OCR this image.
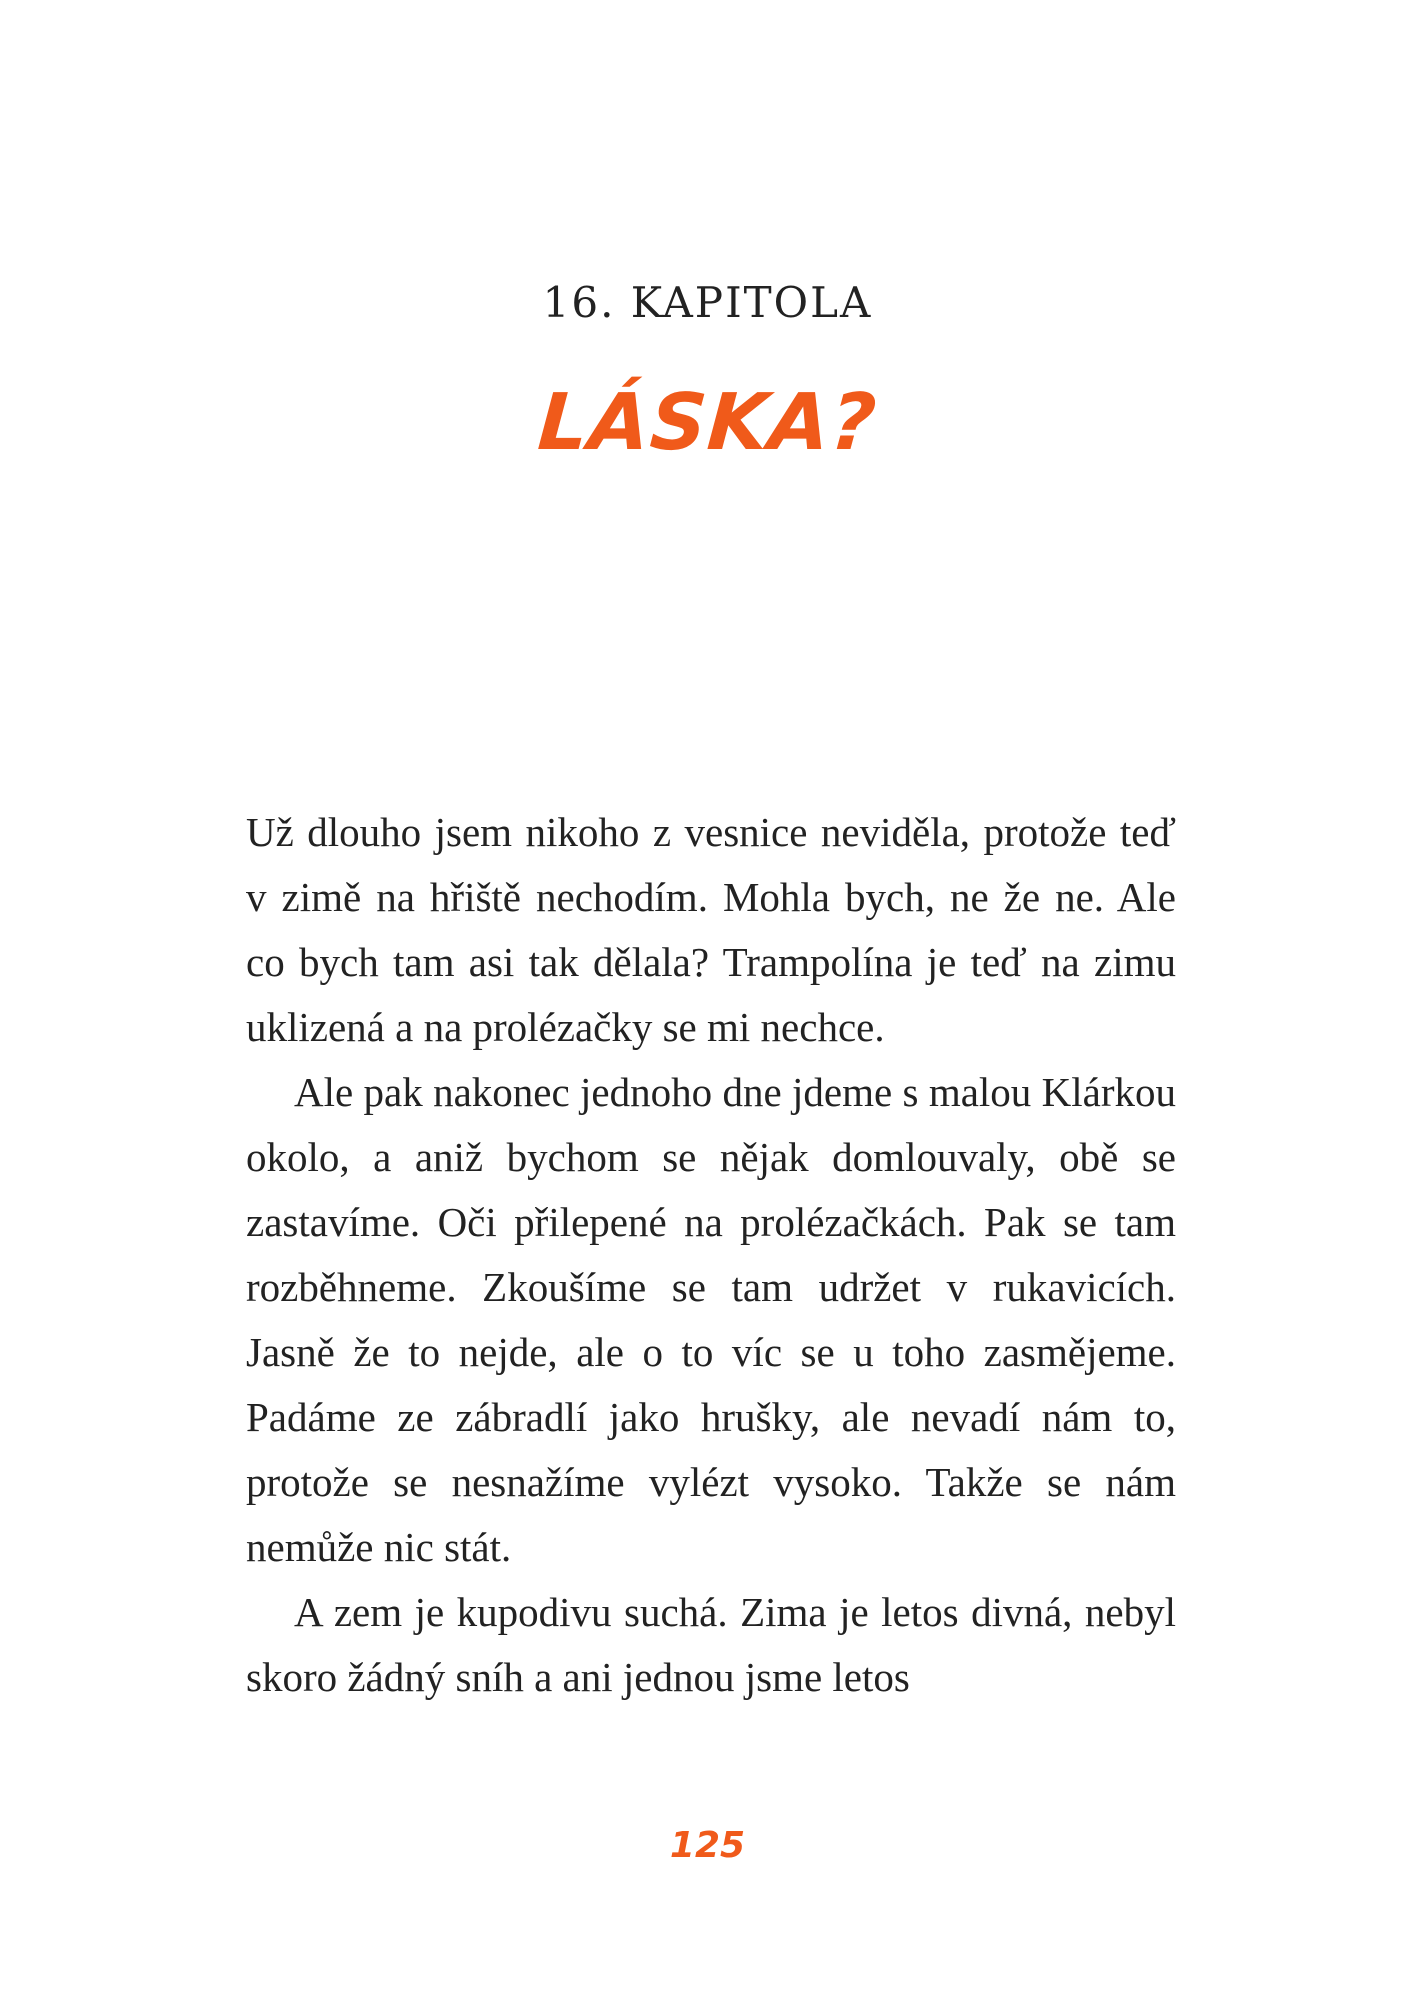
16. KAPITOLA
LÁSKA?

Už dlouho jsem nikoho z vesnice neviděla, protože teď v zimě na hřiště nechodím. Mohla bych, ne že ne. Ale co bych tam asi tak dělala? Trampolína je teď na zimu uklizená a na prolézačky se mi nechce.

Ale pak nakonec jednoho dne jdeme s malou Klárkou okolo, a aniž bychom se nějak domlouvaly, obě se zastavíme. Oči přilepené na prolézačkách. Pak se tam rozběhneme. Zkoušíme se tam udržet v rukavicích. Jasně že to nejde, ale o to víc se u toho zasmějeme. Padáme ze zábradlí jako hrušky, ale nevadí nám to, protože se nesnažíme vylézt vysoko. Takže se nám nemůže nic stát.

A zem je kupodivu suchá. Zima je letos divná, nebyl skoro žádný sníh a ani jednou jsme letos

125
